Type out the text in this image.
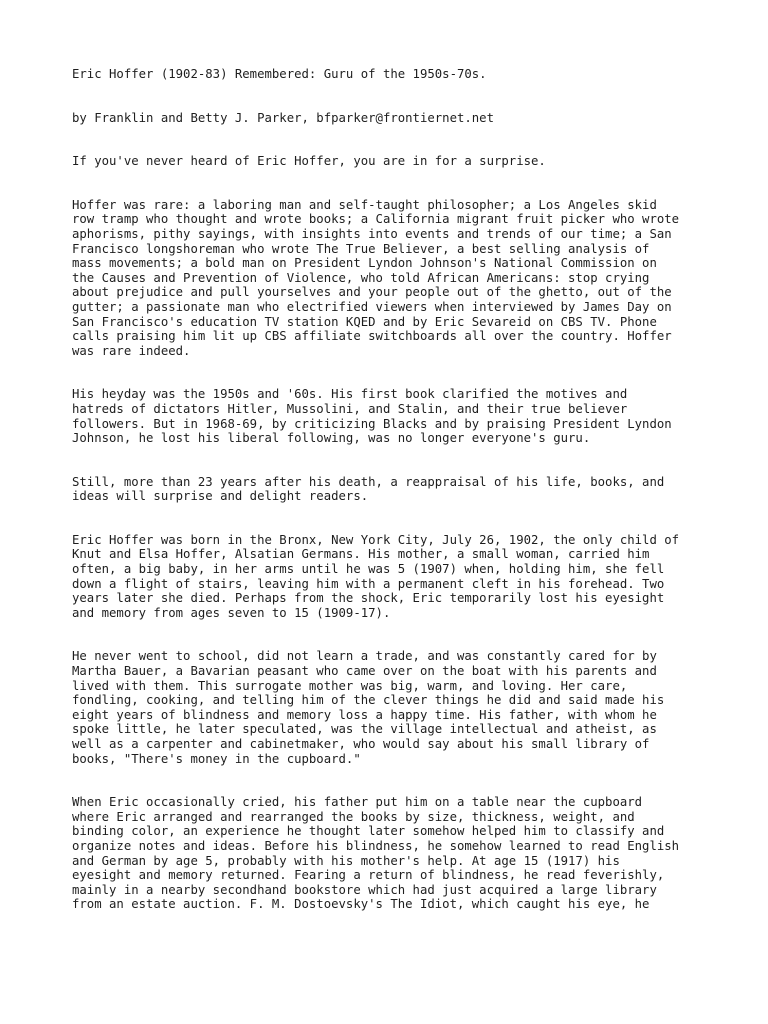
Eric Hoffer (1902-83) Remembered: Guru of the 1950s-70s.

by Franklin and Betty J. Parker, bfparker@frontiernet.net

If you've never heard of Eric Hoffer, you are in for a surprise.

Hoffer was rare: a laboring man and self-taught philosopher; a Los Angeles skid
row tramp who thought and wrote books; a California migrant fruit picker who wrote
aphorisms, pithy sayings, with insights into events and trends of our time; a San
Francisco longshoreman who wrote The True Believer, a best selling analysis of
mass movements; a bold man on President Lyndon Johnson's National Commission on
the Causes and Prevention of Violence, who told African Americans: stop crying
about prejudice and pull yourselves and your people out of the ghetto, out of the
gutter; a passionate man who electrified viewers when interviewed by James Day on
San Francisco's education TV station KQED and by Eric Sevareid on CBS TV. Phone
calls praising him lit up CBS affiliate switchboards all over the country. Hoffer
was rare indeed.

His heyday was the 1950s and '60s. His first book clarified the motives and
hatreds of dictators Hitler, Mussolini, and Stalin, and their true believer
followers. But in 1968-69, by criticizing Blacks and by praising President Lyndon
Johnson, he lost his liberal following, was no longer everyone's guru.

Still, more than 23 years after his death, a reappraisal of his life, books, and
ideas will surprise and delight readers.

Eric Hoffer was born in the Bronx, New York City, July 26, 1902, the only child of
Knut and Elsa Hoffer, Alsatian Germans. His mother, a small woman, carried him
often, a big baby, in her arms until he was 5 (1907) when, holding him, she fell
down a flight of stairs, leaving him with a permanent cleft in his forehead. Two
years later she died. Perhaps from the shock, Eric temporarily lost his eyesight
and memory from ages seven to 15 (1909-17).

He never went to school, did not learn a trade, and was constantly cared for by
Martha Bauer, a Bavarian peasant who came over on the boat with his parents and
lived with them. This surrogate mother was big, warm, and loving. Her care,
fondling, cooking, and telling him of the clever things he did and said made his
eight years of blindness and memory loss a happy time. His father, with whom he
spoke little, he later speculated, was the village intellectual and atheist, as
well as a carpenter and cabinetmaker, who would say about his small library of
books, "There's money in the cupboard."

When Eric occasionally cried, his father put him on a table near the cupboard
where Eric arranged and rearranged the books by size, thickness, weight, and
binding color, an experience he thought later somehow helped him to classify and
organize notes and ideas. Before his blindness, he somehow learned to read English
and German by age 5, probably with his mother's help. At age 15 (1917) his
eyesight and memory returned. Fearing a return of blindness, he read feverishly,
mainly in a nearby secondhand bookstore which had just acquired a large library
from an estate auction. F. M. Dostoevsky's The Idiot, which caught his eye, he
